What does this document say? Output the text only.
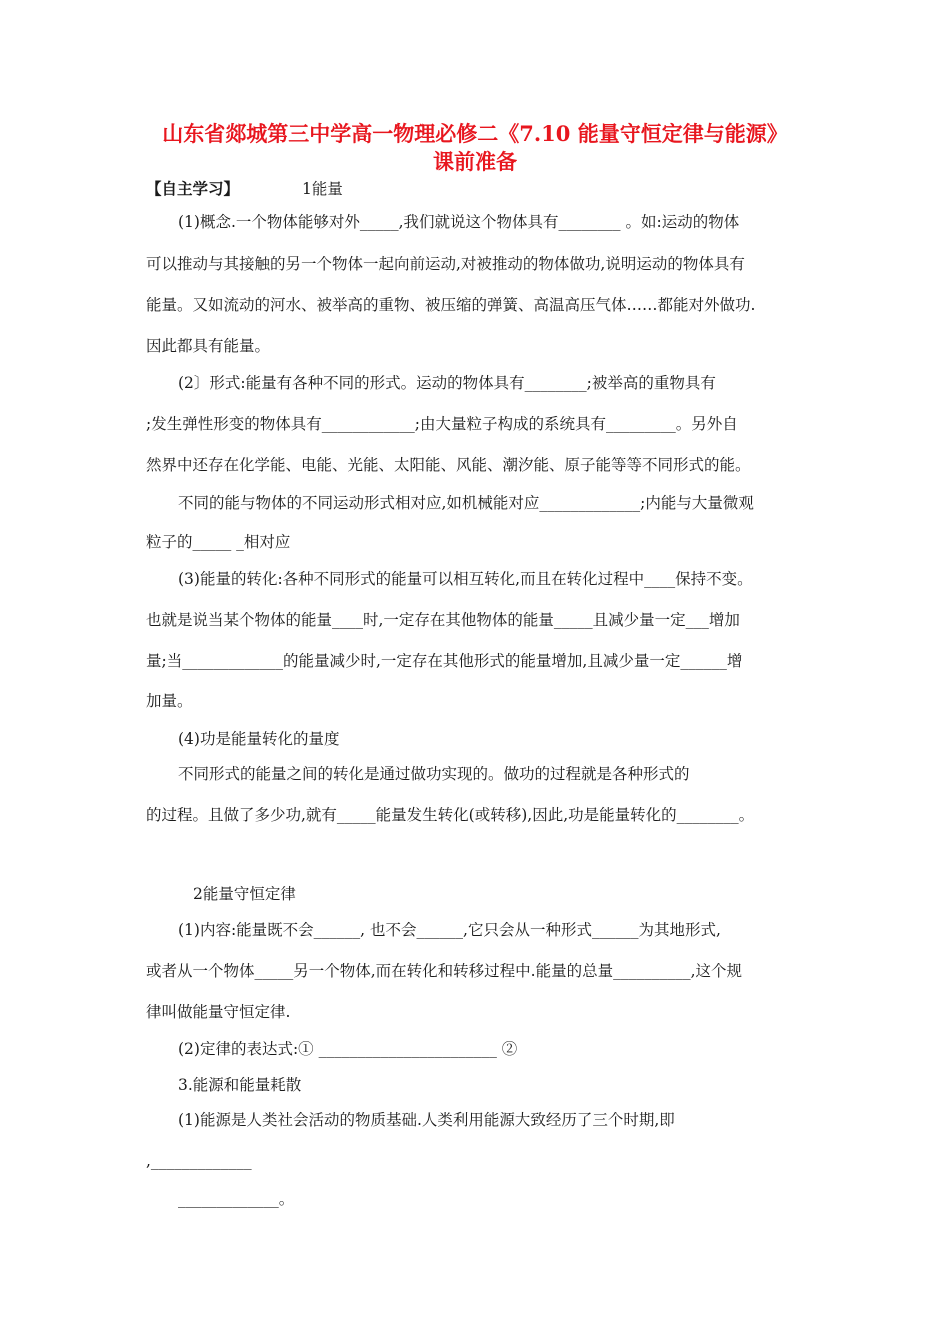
山东省郯城第三中学高一物理必修二《7.10 能量守恒定律与能源》
课前准备
【自主学习】	1能量
(1)概念.一个物体能够对外_____,我们就说这个物体具有________ 。如:运动的物体
可以推动与其接触的另一个物体一起向前运动,对被推动的物体做功,说明运动的物体具有
能量。又如流动的河水、被举高的重物、被压缩的弹簧、高温高压气体……都能对外做功.
因此都具有能量。
(2〕形式:能量有各种不同的形式。运动的物体具有________;被举高的重物具有
;发生弹性形变的物体具有____________;由大量粒子构成的系统具有_________。另外自
然界中还存在化学能、电能、光能、太阳能、风能、潮汐能、原子能等等不同形式的能。
不同的能与物体的不同运动形式相对应,如机械能对应_____________;内能与大量微观
粒子的_____ _相对应
(3)能量的转化:各种不同形式的能量可以相互转化,而且在转化过程中____保持不变。
也就是说当某个物体的能量____时,一定存在其他物体的能量_____且减少量一定___增加
量;当_____________的能量减少时,一定存在其他形式的能量增加,且减少量一定______增
加量。
(4)功是能量转化的量度
不同形式的能量之间的转化是通过做功实现的。做功的过程就是各种形式的
的过程。且做了多少功,就有_____能量发生转化(或转移),因此,功是能量转化的________。
2能量守恒定律
(1)内容:能量既不会______, 也不会______,它只会从一种形式______为其地形式,
或者从一个物体_____另一个物体,而在转化和转移过程中.能量的总量__________,这个规
律叫做能量守恒定律.
(2)定律的表达式:① _______________________ ②
3.能源和能量耗散
(1)能源是人类社会活动的物质基础.人类利用能源大致经历了三个时期,即
,_____________
_____________。
